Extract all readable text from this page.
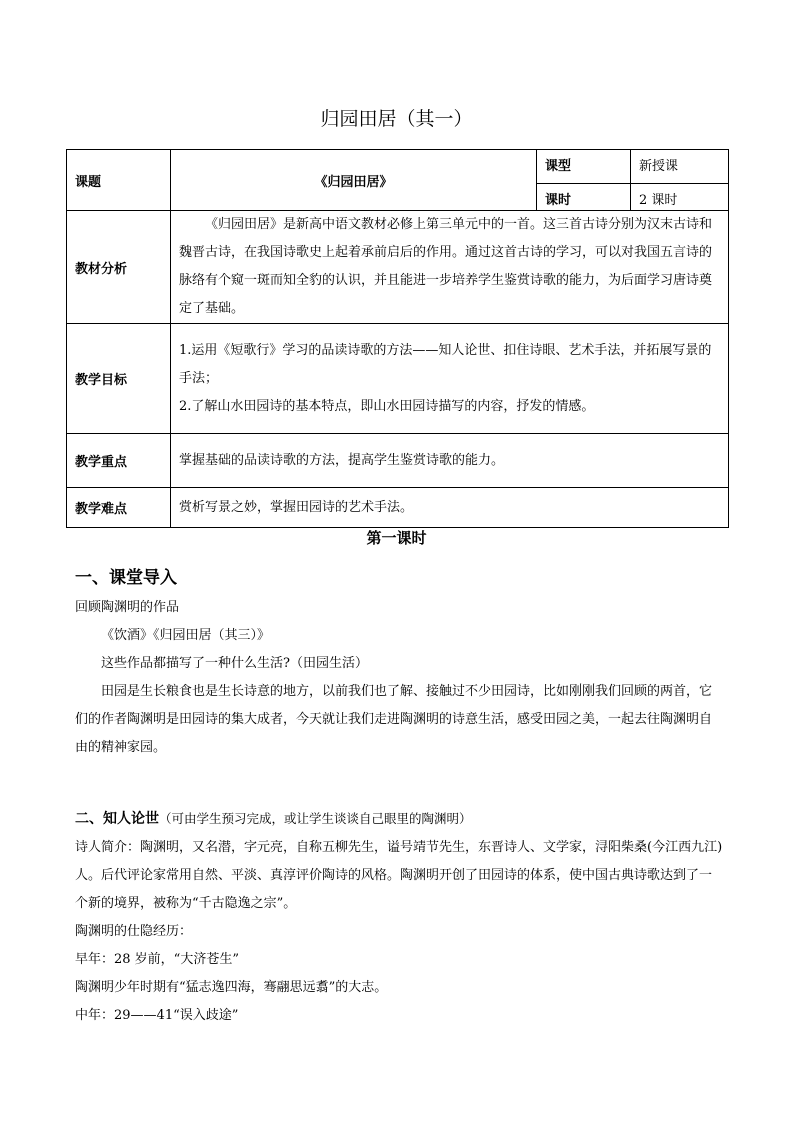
归园田居（其一）
课题	《归园田居》	课型	新授课
		课时	2 课时
教材分析	《归园田居》是新高中语文教材必修上第三单元中的一首。这三首古诗分别为汉末古诗和魏晋古诗，在我国诗歌史上起着承前启后的作用。通过这首古诗的学习，可以对我国五言诗的脉络有个窥一斑而知全豹的认识，并且能进一步培养学生鉴赏诗歌的能力，为后面学习唐诗奠定了基础。		

教学目标	1.运用《短歌行》学习的品读诗歌的方法——知人论世、扣住诗眼、艺术手法，并拓展写景的手法；

2.了解山水田园诗的基本特点，即山水田园诗描写的内容，抒发的情感。		

教学重点	掌握基础的品读诗歌的方法，提高学生鉴赏诗歌的能力。		
教学难点	赏析写景之妙，掌握田园诗的艺术手法。		
第一课时
一、课堂导入

回顾陶渊明的作品

《饮酒》《归园田居（其三）》

这些作品都描写了一种什么生活?（田园生活）

田园是生长粮食也是生长诗意的地方，以前我们也了解、接触过不少田园诗，比如刚刚我们回顾的两首，它们的作者陶渊明是田园诗的集大成者，今天就让我们走进陶渊明的诗意生活，感受田园之美，一起去往陶渊明自由的精神家园。

二、知人论世（可由学生预习完成，或让学生谈谈自己眼里的陶渊明）

诗人简介：陶渊明，又名潜，字元亮，自称五柳先生，谥号靖节先生，东晋诗人、文学家，浔阳柴桑(今江西九江)人。后代评论家常用自然、平淡、真淳评价陶诗的风格。陶渊明开创了田园诗的体系，使中国古典诗歌达到了一个新的境界，被称为“千古隐逸之宗”。

陶渊明的仕隐经历：

早年：28 岁前，“大济苍生”

陶渊明少年时期有“猛志逸四海，骞翮思远翥”的大志。

中年：29——41“误入歧途”
